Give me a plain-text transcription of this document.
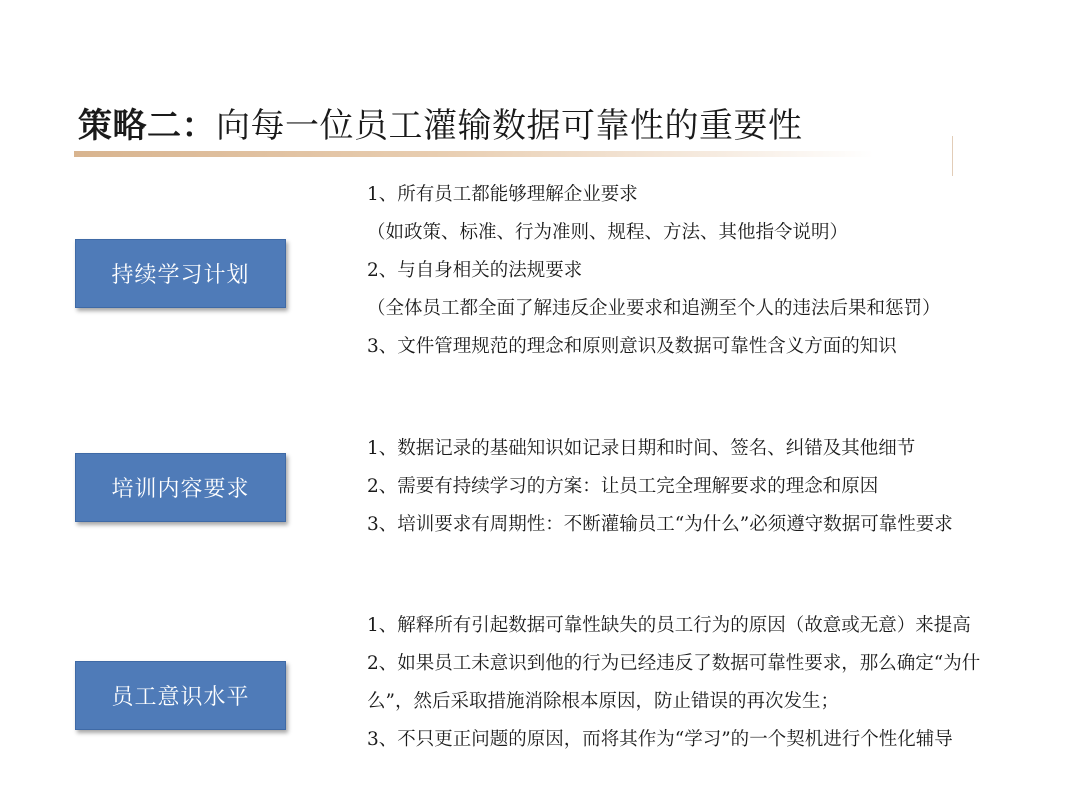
策略二：向每一位员工灌输数据可靠性的重要性
持续学习计划
1、所有员工都能够理解企业要求
（如政策、标准、行为准则、规程、方法、其他指令说明）
2、与自身相关的法规要求
（全体员工都全面了解违反企业要求和追溯至个人的违法后果和惩罚）
3、文件管理规范的理念和原则意识及数据可靠性含义方面的知识
培训内容要求
1、数据记录的基础知识如记录日期和时间、签名、纠错及其他细节
2、需要有持续学习的方案：让员工完全理解要求的理念和原因
3、培训要求有周期性：不断灌输员工“为什么”必须遵守数据可靠性要求
员工意识水平
1、解释所有引起数据可靠性缺失的员工行为的原因（故意或无意）来提高
2、如果员工未意识到他的行为已经违反了数据可靠性要求，那么确定“为什
么”，然后采取措施消除根本原因，防止错误的再次发生；
3、不只更正问题的原因，而将其作为“学习”的一个契机进行个性化辅导
